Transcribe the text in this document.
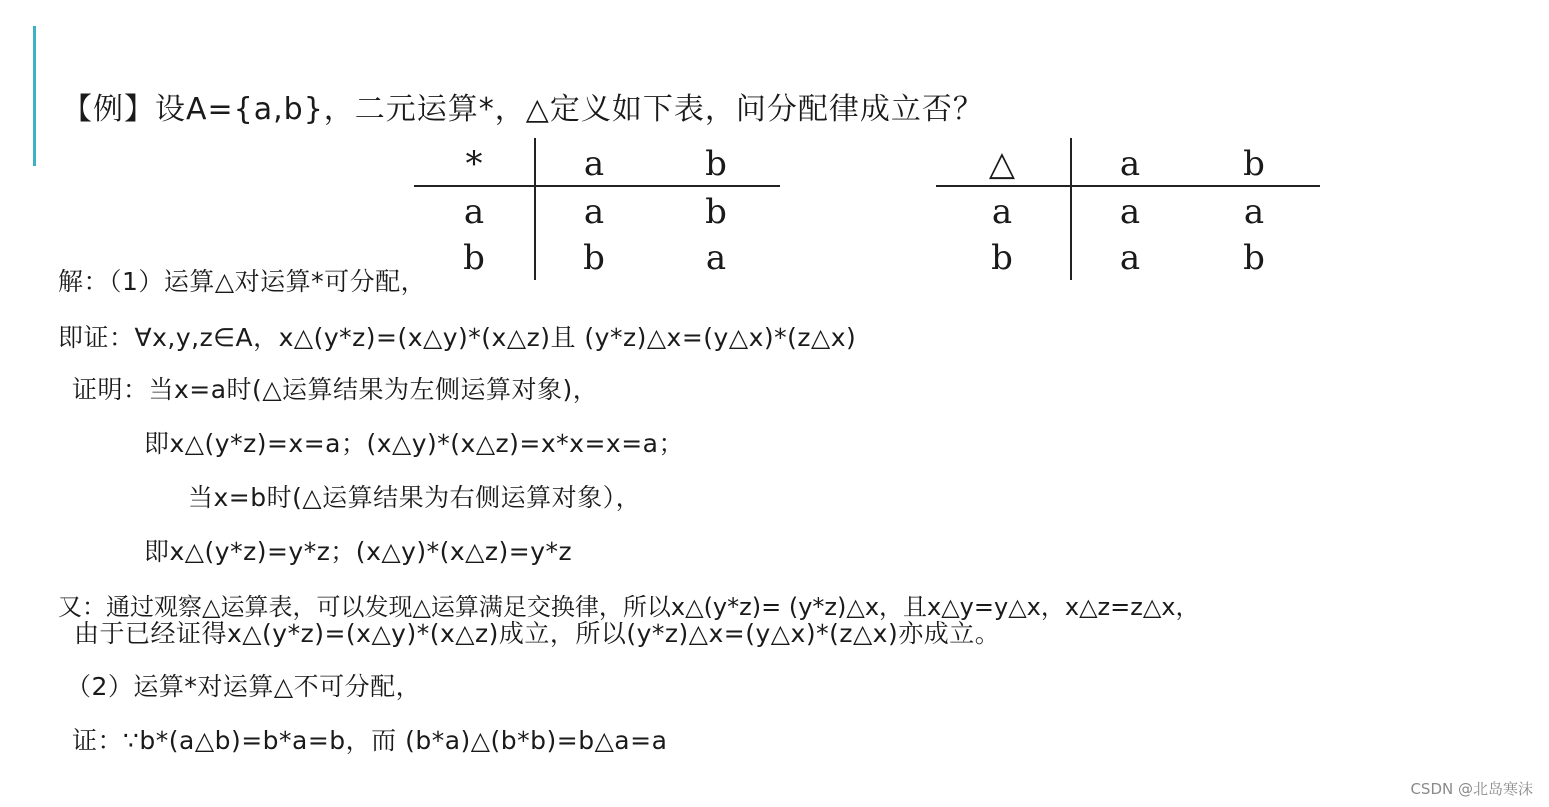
【例】设A={a,b}，二元运算*，△定义如下表，问分配律成立否？
*	a	b
a	a	b
b	b	a
△	a	b
a	a	a
b	a	b
解：（1）运算△对运算*可分配，
即证：∀x,y,z∈A，x△(y*z)=(x△y)*(x△z)且 (y*z)△x=(y△x)*(z△x)
证明：当x=a时(△运算结果为左侧运算对象)，
即x△(y*z)=x=a；(x△y)*(x△z)=x*x=x=a；
当x=b时(△运算结果为右侧运算对象），
即x△(y*z)=y*z；(x△y)*(x△z)=y*z
又：通过观察△运算表，可以发现△运算满足交换律，所以x△(y*z)= (y*z)△x，且x△y=y△x，x△z=z△x，
由于已经证得x△(y*z)=(x△y)*(x△z)成立，所以(y*z)△x=(y△x)*(z△x)亦成立。
（2）运算*对运算△不可分配，
证：∵b*(a△b)=b*a=b，而 (b*a)△(b*b)=b△a=a
CSDN @北岛寒沫
